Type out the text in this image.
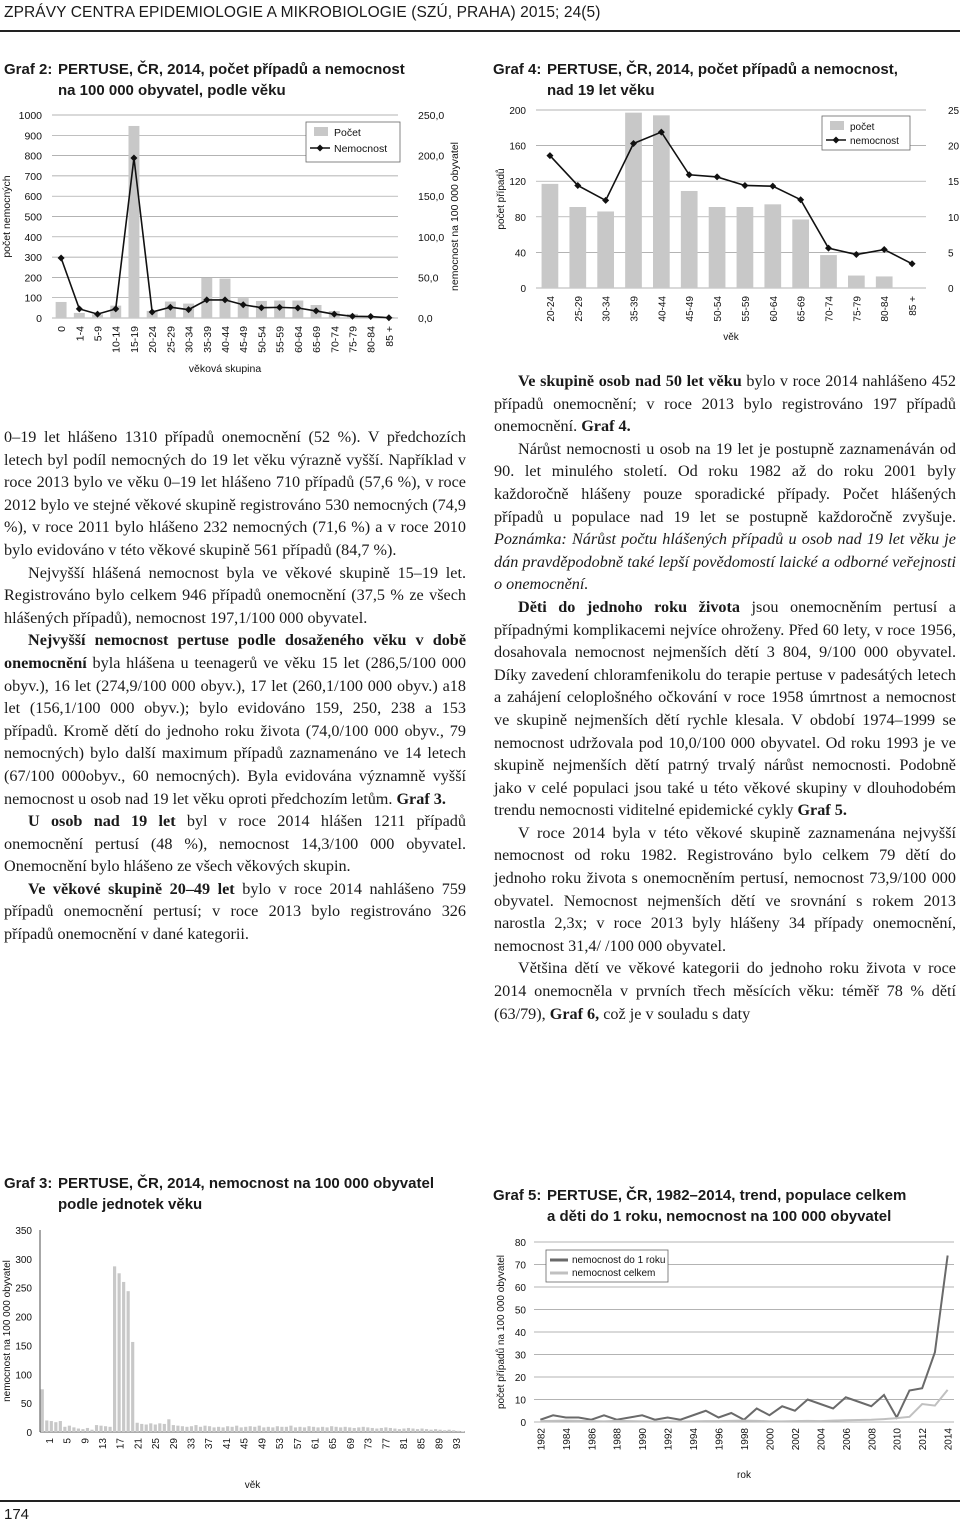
ZPRÁVY CENTRA EPIDEMIOLOGIE A MIKROBIOLOGIE (SZÚ, PRAHA) 2015; 24(5)
Graf 2: PERTUSE, ČR, 2014, počet případů a nemocnost
na 100 000 obyvatel, podle věku
Graf 4: PERTUSE, ČR, 2014, počet případů a nemocnost,
nad 19 let věku
Graf 3: PERTUSE, ČR, 2014, nemocnost na 100 000 obyvatel
podle jednotek věku
Graf 5: PERTUSE, ČR, 1982–2014, trend, populace celkem
a děti do 1 roku, nemocnost na 100 000 obyvatel
0
100
200
300
400
500
600
700
800
900
1000
0,0
50,0
100,0
150,0
200,0
250,0
0 1-4 5-9 10-14 15-19 20-24 25-29 30-34 35-39 40-44 45-49 50-54 55-59 60-64 65-69 70-74 75-79 80-84 85 +
počet nemocných	nemocnost na 100 000 obyvatel
věková skupina
Počet
Nemocnost
0
40
80
120
160
200
0
5
10
15
20
25
20-24 25-29 30-34 35-39 40-44 45-49 50-54 55-59 60-64 65-69 70-74 75-79 80-84 85 +
počet případů
věk
počet
nemocnost
0
50
100
150
200
250
300
350
1 5 9 13 17 21 25 29 33 37 41 45 49 53 57 61 65 69 73 77 81 85 89 93
nemocnost na 100 000 obyvatel
věk
0
10
20
30
40
50
60
70
80
1982 1984 1986 1988 1990 1992 1994 1996 1998 2000 2002 2004 2006 2008 2010 2012 2014
počet případů na 100 000 obyvatel
rok
nemocnost do 1 roku
nemocnost celkem

0–19 let hlášeno 1310 případů onemocnění (52 %). V předchozích letech byl podíl nemocných do 19 let věku výrazně vyšší. Například v roce 2013 bylo ve věku 0–19 let hlášeno 710 případů (57,6 %), v roce 2012 bylo ve stejné věkové skupině registrováno 530 nemocných (74,9 %), v roce 2011 bylo hlášeno 232 nemocných (71,6 %) a v roce 2010 bylo evidováno v této věkové skupině 561 případů (84,7 %).

Nejvyšší hlášená nemocnost byla ve věkové skupině 15–19 let. Registrováno bylo celkem 946 případů onemocnění (37,5 % ze všech hlášených případů), nemocnost 197,1/100 000 obyvatel.

Nejvyšší nemocnost pertuse podle dosaženého věku v době onemocnění byla hlášena u teenagerů ve věku 15 let (286,5/100 000 obyv.), 16 let (274,9/100 000 obyv.), 17 let (260,1/100 000 obyv.) a18 let (156,1/100 000 obyv.); bylo evidováno 159, 250, 238 a 153 případů. Kromě dětí do jednoho roku života (74,0/100 000 obyv., 79 nemocných) bylo další maximum případů zaznamenáno ve 14 letech (67/100 000obyv., 60 nemocných). Byla evidována významně vyšší nemocnost u osob nad 19 let věku oproti předchozím letům. Graf 3.

U osob nad 19 let byl v roce 2014 hlášen 1211 případů onemocnění pertusí (48 %), nemocnost 14,3/100 000 obyvatel. Onemocnění bylo hlášeno ze všech věkových skupin.

Ve věkové skupině 20–49 let bylo v roce 2014 nahlášeno 759 případů onemocnění pertusí; v roce 2013 bylo registrováno 326 případů onemocnění v dané kategorii.

Ve skupině osob nad 50 let věku bylo v roce 2014 nahlášeno 452 případů onemocnění; v roce 2013 bylo registrováno 197 případů onemocnění. Graf 4.

Nárůst nemocnosti u osob na 19 let je postupně zaznamenáván od 90. let minulého století. Od roku 1982 až do roku 2001 byly každoročně hlášeny pouze sporadické případy. Počet hlášených případů u populace nad 19 let se postupně každoročně zvyšuje. Poznámka: Nárůst počtu hlášených případů u osob nad 19 let věku je dán pravděpodobně také lepší povědomostí laické a odborné veřejnosti o onemocnění.

Děti do jednoho roku života jsou onemocněním pertusí a případnými komplikacemi nejvíce ohroženy. Před 60 lety, v roce 1956, dosahovala nemocnost nejmenších dětí 3 804, 9/100 000 obyvatel. Díky zavedení chloramfenikolu do terapie pertuse v padesátých letech a zahájení celoplošného očkování v roce 1958 úmrtnost a nemocnost ve skupině nejmenších dětí rychle klesala. V období 1974–1999 se nemocnost udržovala pod 10,0/100 000 obyvatel. Od roku 1993 je ve skupině nejmenších dětí patrný trvalý nárůst nemocnosti. Podobně jako v celé populaci jsou také u této věkové skupiny v dlouhodobém trendu nemocnosti viditelné epidemické cykly Graf 5.

V roce 2014 byla v této věkové skupině zaznamenána nejvyšší nemocnost od roku 1982. Registrováno bylo celkem 79 dětí do jednoho roku života s onemocněním pertusí, nemocnost 73,9/100 000 obyvatel. Nemocnost nejmenších dětí ve srovnání s rokem 2013 narostla 2,3x; v roce 2013 byly hlášeny 34 případy onemocnění, nemocnost 31,4/ /100 000 obyvatel.

Většina dětí ve věkové kategorii do jednoho roku života v roce 2014 onemocněla v prvních třech měsících věku: téměř 78 % dětí (63/79), Graf 6, což je v souladu s daty

174
